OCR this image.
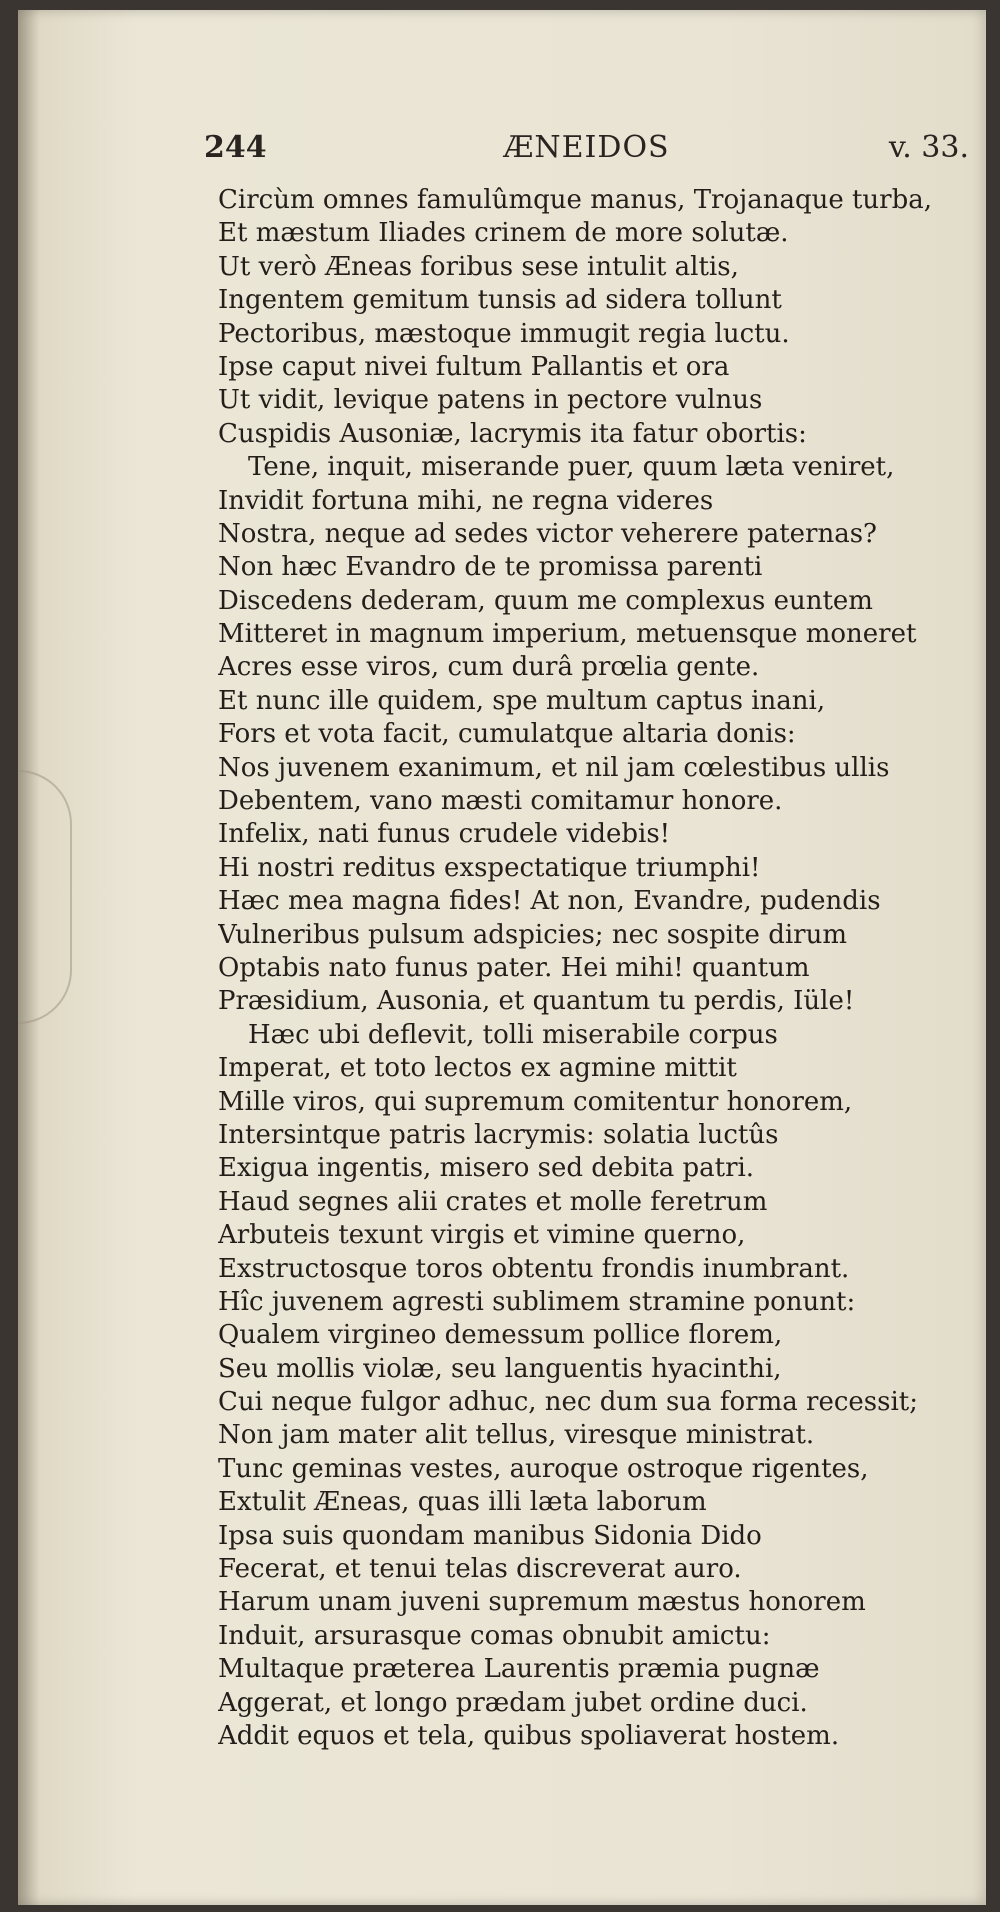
244	ÆNEIDOS	v. 33.
Circùm omnes famulûmque manus, Trojanaque turba,
Et mæstum Iliades crinem de more solutæ.
Ut verò Æneas foribus sese intulit altis,
Ingentem gemitum tunsis ad sidera tollunt
Pectoribus, mæstoque immugit regia luctu.
Ipse caput nivei fultum Pallantis et ora
Ut vidit, levique patens in pectore vulnus
Cuspidis Ausoniæ, lacrymis ita fatur obortis:
Tene, inquit, miserande puer, quum læta veniret,
Invidit fortuna mihi, ne regna videres
Nostra, neque ad sedes victor veherere paternas?
Non hæc Evandro de te promissa parenti
Discedens dederam, quum me complexus euntem
Mitteret in magnum imperium, metuensque moneret
Acres esse viros, cum durâ prœlia gente.
Et nunc ille quidem, spe multum captus inani,
Fors et vota facit, cumulatque altaria donis:
Nos juvenem exanimum, et nil jam cœlestibus ullis
Debentem, vano mæsti comitamur honore.
Infelix, nati funus crudele videbis!
Hi nostri reditus exspectatique triumphi!
Hæc mea magna fides! At non, Evandre, pudendis
Vulneribus pulsum adspicies; nec sospite dirum
Optabis nato funus pater. Hei mihi! quantum
Præsidium, Ausonia, et quantum tu perdis, Iüle!
Hæc ubi deflevit, tolli miserabile corpus
Imperat, et toto lectos ex agmine mittit
Mille viros, qui supremum comitentur honorem,
Intersintque patris lacrymis: solatia luctûs
Exigua ingentis, misero sed debita patri.
Haud segnes alii crates et molle feretrum
Arbuteis texunt virgis et vimine querno,
Exstructosque toros obtentu frondis inumbrant.
Hîc juvenem agresti sublimem stramine ponunt:
Qualem virgineo demessum pollice florem,
Seu mollis violæ, seu languentis hyacinthi,
Cui neque fulgor adhuc, nec dum sua forma recessit;
Non jam mater alit tellus, viresque ministrat.
Tunc geminas vestes, auroque ostroque rigentes,
Extulit Æneas, quas illi læta laborum
Ipsa suis quondam manibus Sidonia Dido
Fecerat, et tenui telas discreverat auro.
Harum unam juveni supremum mæstus honorem
Induit, arsurasque comas obnubit amictu:
Multaque præterea Laurentis præmia pugnæ
Aggerat, et longo prædam jubet ordine duci.
Addit equos et tela, quibus spoliaverat hostem.
